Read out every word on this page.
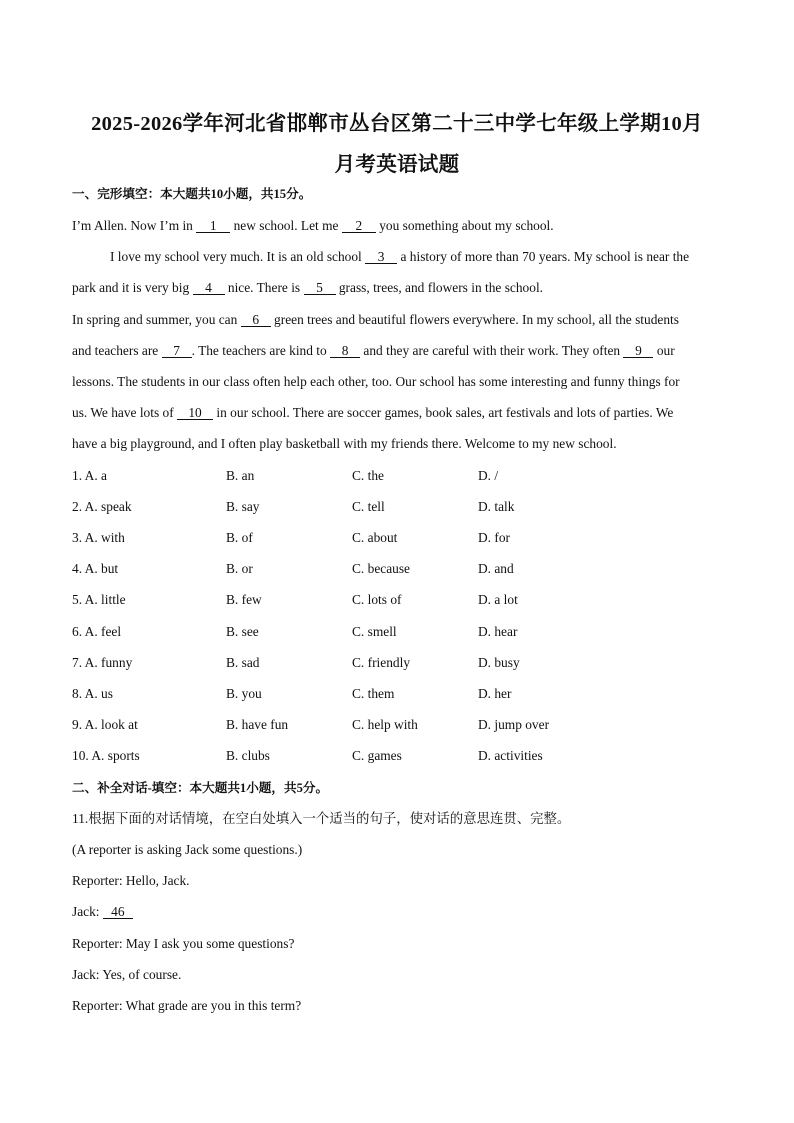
2025-2026学年河北省邯郸市丛台区第二十三中学七年级上学期10月
月考英语试题
一、完形填空：本大题共10小题，共15分。
I’m Allen. Now I’m in 1 new school. Let me 2 you something about my school.
I love my school very much. It is an old school 3 a history of more than 70 years. My school is near the
park and it is very big 4 nice. There is 5 grass, trees, and flowers in the school.
In spring and summer, you can 6 green trees and beautiful flowers everywhere. In my school, all the students
and teachers are 7 . The teachers are kind to 8 and they are careful with their work. They often 9 our
lessons. The students in our class often help each other, too. Our school has some interesting and funny things for
us. We have lots of 10 in our school. There are soccer games, book sales, art festivals and lots of parties. We
have a big playground, and I often play basketball with my friends there. Welcome to my new school.
1. A. a	B. an	C. the	D. /
2. A. speak	B. say	C. tell	D. talk
3. A. with	B. of	C. about	D. for
4. A. but	B. or	C. because	D. and
5. A. little	B. few	C. lots of	D. a lot
6. A. feel	B. see	C. smell	D. hear
7. A. funny	B. sad	C. friendly	D. busy
8. A. us	B. you	C. them	D. her
9. A. look at	B. have fun	C. help with	D. jump over
10. A. sports	B. clubs	C. games	D. activities
二、补全对话-填空：本大题共1小题，共5分。
11.根据下面的对话情境，在空白处填入一个适当的句子，使对话的意思连贯、完整。
(A reporter is asking Jack some questions.)
Reporter: Hello, Jack.
Jack: 46
Reporter: May I ask you some questions?
Jack: Yes, of course.
Reporter: What grade are you in this term?
